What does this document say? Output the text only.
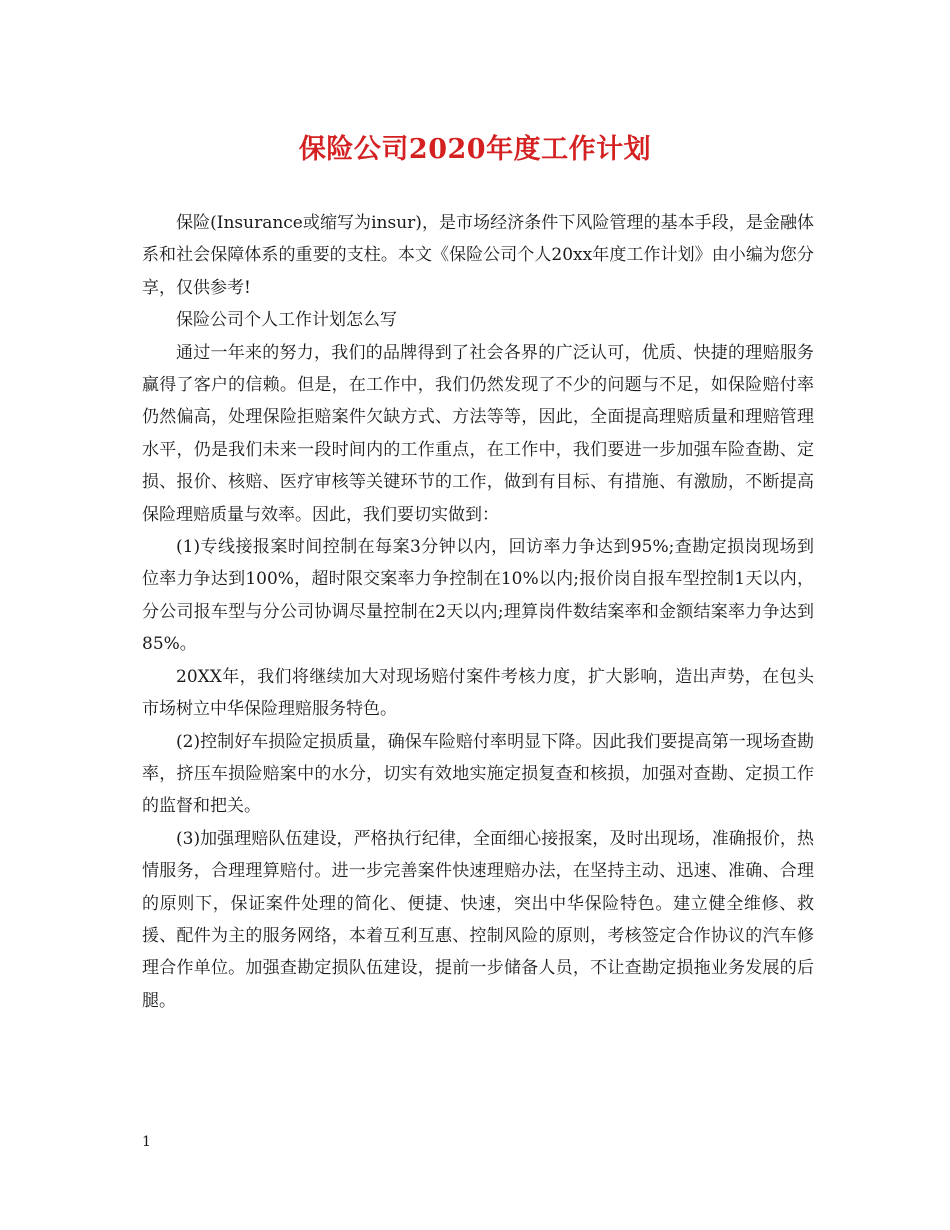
保险公司2020年度工作计划

保险(Insurance或缩写为insur)，是市场经济条件下风险管理的基本手段，是金融体系和社会保障体系的重要的支柱。本文《保险公司个人20xx年度工作计划》由小编为您分享，仅供参考!

保险公司个人工作计划怎么写

通过一年来的努力，我们的品牌得到了社会各界的广泛认可，优质、快捷的理赔服务赢得了客户的信赖。但是，在工作中，我们仍然发现了不少的问题与不足，如保险赔付率仍然偏高，处理保险拒赔案件欠缺方式、方法等等，因此，全面提高理赔质量和理赔管理水平，仍是我们未来一段时间内的工作重点，在工作中，我们要进一步加强车险查勘、定损、报价、核赔、医疗审核等关键环节的工作，做到有目标、有措施、有激励，不断提高保险理赔质量与效率。因此，我们要切实做到：

(1)专线接报案时间控制在每案3分钟以内，回访率力争达到95%;查勘定损岗现场到位率力争达到100%，超时限交案率力争控制在10%以内;报价岗自报车型控制1天以内，分公司报车型与分公司协调尽量控制在2天以内;理算岗件数结案率和金额结案率力争达到85%。

20XX年，我们将继续加大对现场赔付案件考核力度，扩大影响，造出声势，在包头市场树立中华保险理赔服务特色。

(2)控制好车损险定损质量，确保车险赔付率明显下降。因此我们要提高第一现场查勘率，挤压车损险赔案中的水分，切实有效地实施定损复查和核损，加强对查勘、定损工作的监督和把关。

(3)加强理赔队伍建设，严格执行纪律，全面细心接报案，及时出现场，准确报价，热情服务，合理理算赔付。进一步完善案件快速理赔办法，在坚持主动、迅速、准确、合理的原则下，保证案件处理的简化、便捷、快速，突出中华保险特色。建立健全维修、救援、配件为主的服务网络，本着互利互惠、控制风险的原则，考核签定合作协议的汽车修理合作单位。加强查勘定损队伍建设，提前一步储备人员，不让查勘定损拖业务发展的后腿。

1
